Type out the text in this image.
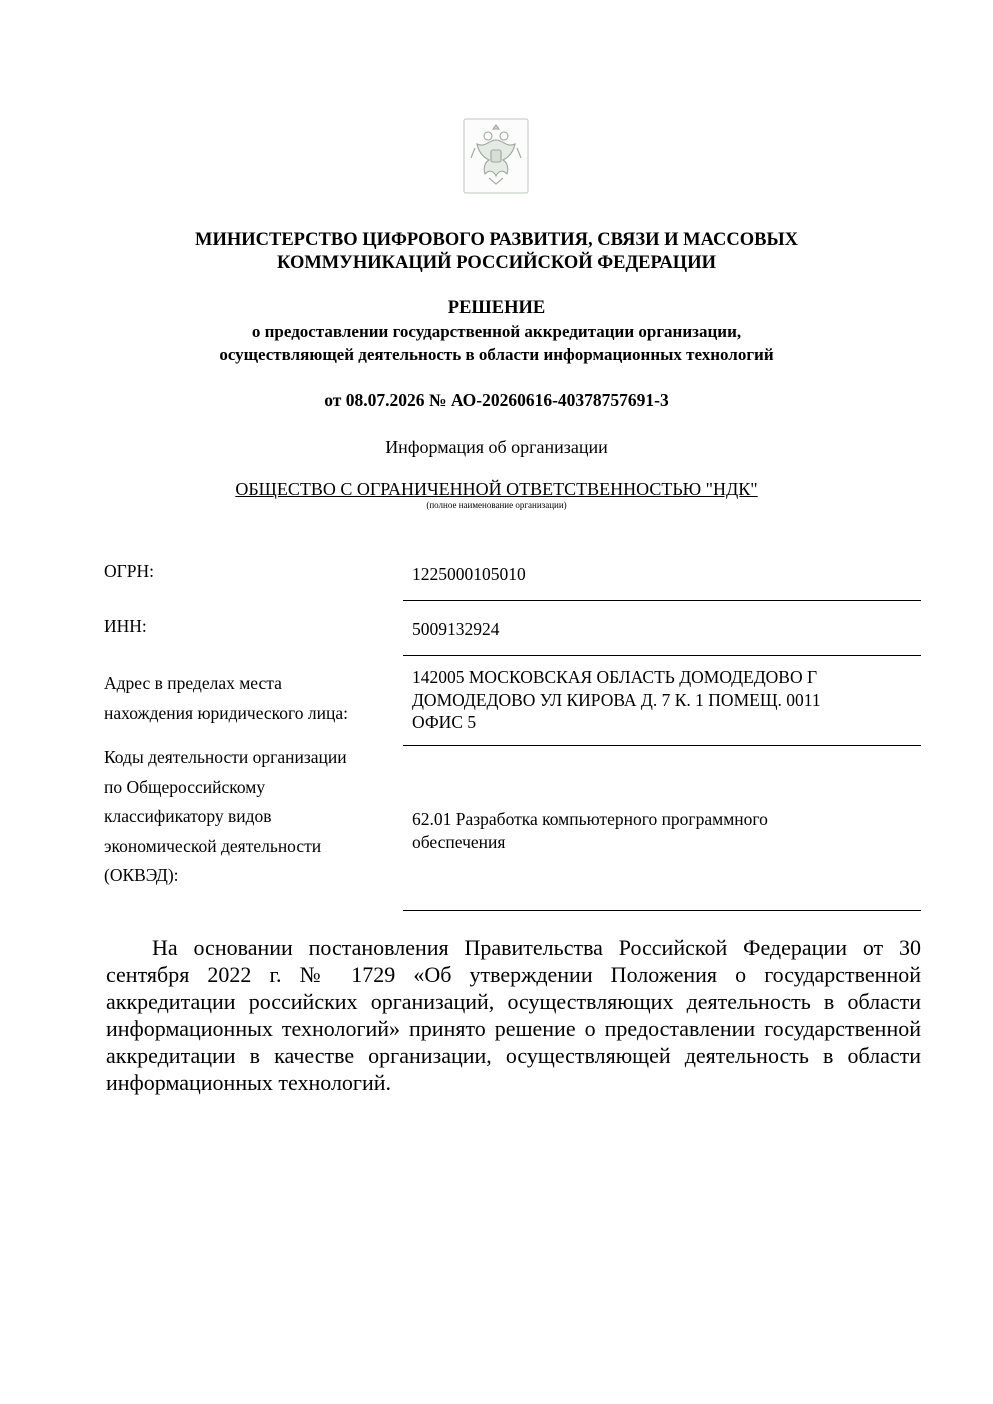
МИНИСТЕРСТВО ЦИФРОВОГО РАЗВИТИЯ, СВЯЗИ И МАССОВЫХ
КОММУНИКАЦИЙ РОССИЙСКОЙ ФЕДЕРАЦИИ
РЕШЕНИЕ
о предоставлении государственной аккредитации организации,
осуществляющей деятельность в области информационных технологий
от 08.07.2026 № АО-20260616-40378757691-3
Информация об организации
ОБЩЕСТВО С ОГРАНИЧЕННОЙ ОТВЕТСТВЕННОСТЬЮ "НДК"
(полное наименование организации)
ОГРН:	1225000105010
ИНН:	5009132924
Адрес в пределах места
нахождения юридического лица:
142005 МОСКОВСКАЯ ОБЛАСТЬ ДОМОДЕДОВО Г
ДОМОДЕДОВО УЛ КИРОВА Д. 7 К. 1 ПОМЕЩ. 0011
ОФИС 5
Коды деятельности организации
по Общероссийскому
классификатору видов
экономической деятельности
(ОКВЭД):
62.01 Разработка компьютерного программного
обеспечения
На основании постановления Правительства Российской Федерации от 30 сентября 2022 г. № 1729 «Об утверждении Положения о государственной аккредитации российских организаций, осуществляющих деятельность в области информационных технологий» принято решение о предоставлении государственной аккредитации в качестве организации, осуществляющей деятельность в области информационных технологий.
